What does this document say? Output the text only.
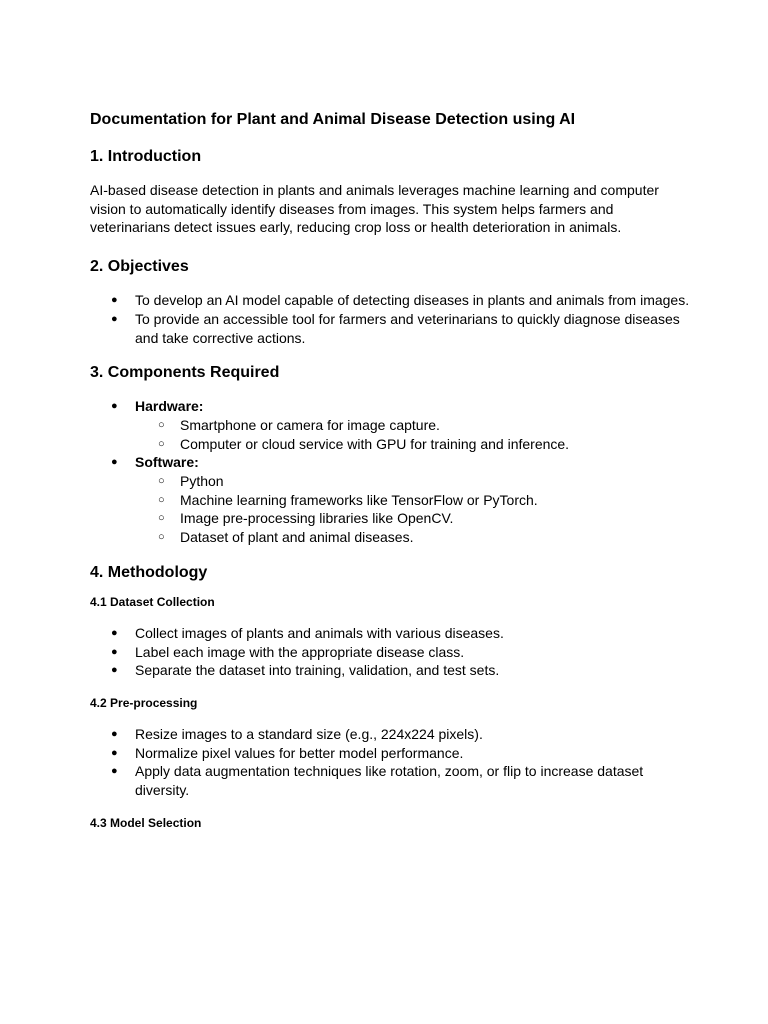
Documentation for Plant and Animal Disease Detection using AI
1. Introduction

AI-based disease detection in plants and animals leverages machine learning and computer vision to automatically identify diseases from images. This system helps farmers and veterinarians detect issues early, reducing crop loss or health deterioration in animals.

2. Objectives
● To develop an AI model capable of detecting diseases in plants and animals from images.
● To provide an accessible tool for farmers and veterinarians to quickly diagnose diseases and take corrective actions.
3. Components Required
● Hardware:
○ Smartphone or camera for image capture.
○ Computer or cloud service with GPU for training and inference.
● Software:
○ Python
○ Machine learning frameworks like TensorFlow or PyTorch.
○ Image pre-processing libraries like OpenCV.
○ Dataset of plant and animal diseases.
4. Methodology
4.1 Dataset Collection
● Collect images of plants and animals with various diseases.
● Label each image with the appropriate disease class.
● Separate the dataset into training, validation, and test sets.
4.2 Pre-processing
● Resize images to a standard size (e.g., 224x224 pixels).
● Normalize pixel values for better model performance.
● Apply data augmentation techniques like rotation, zoom, or flip to increase dataset diversity.
4.3 Model Selection
